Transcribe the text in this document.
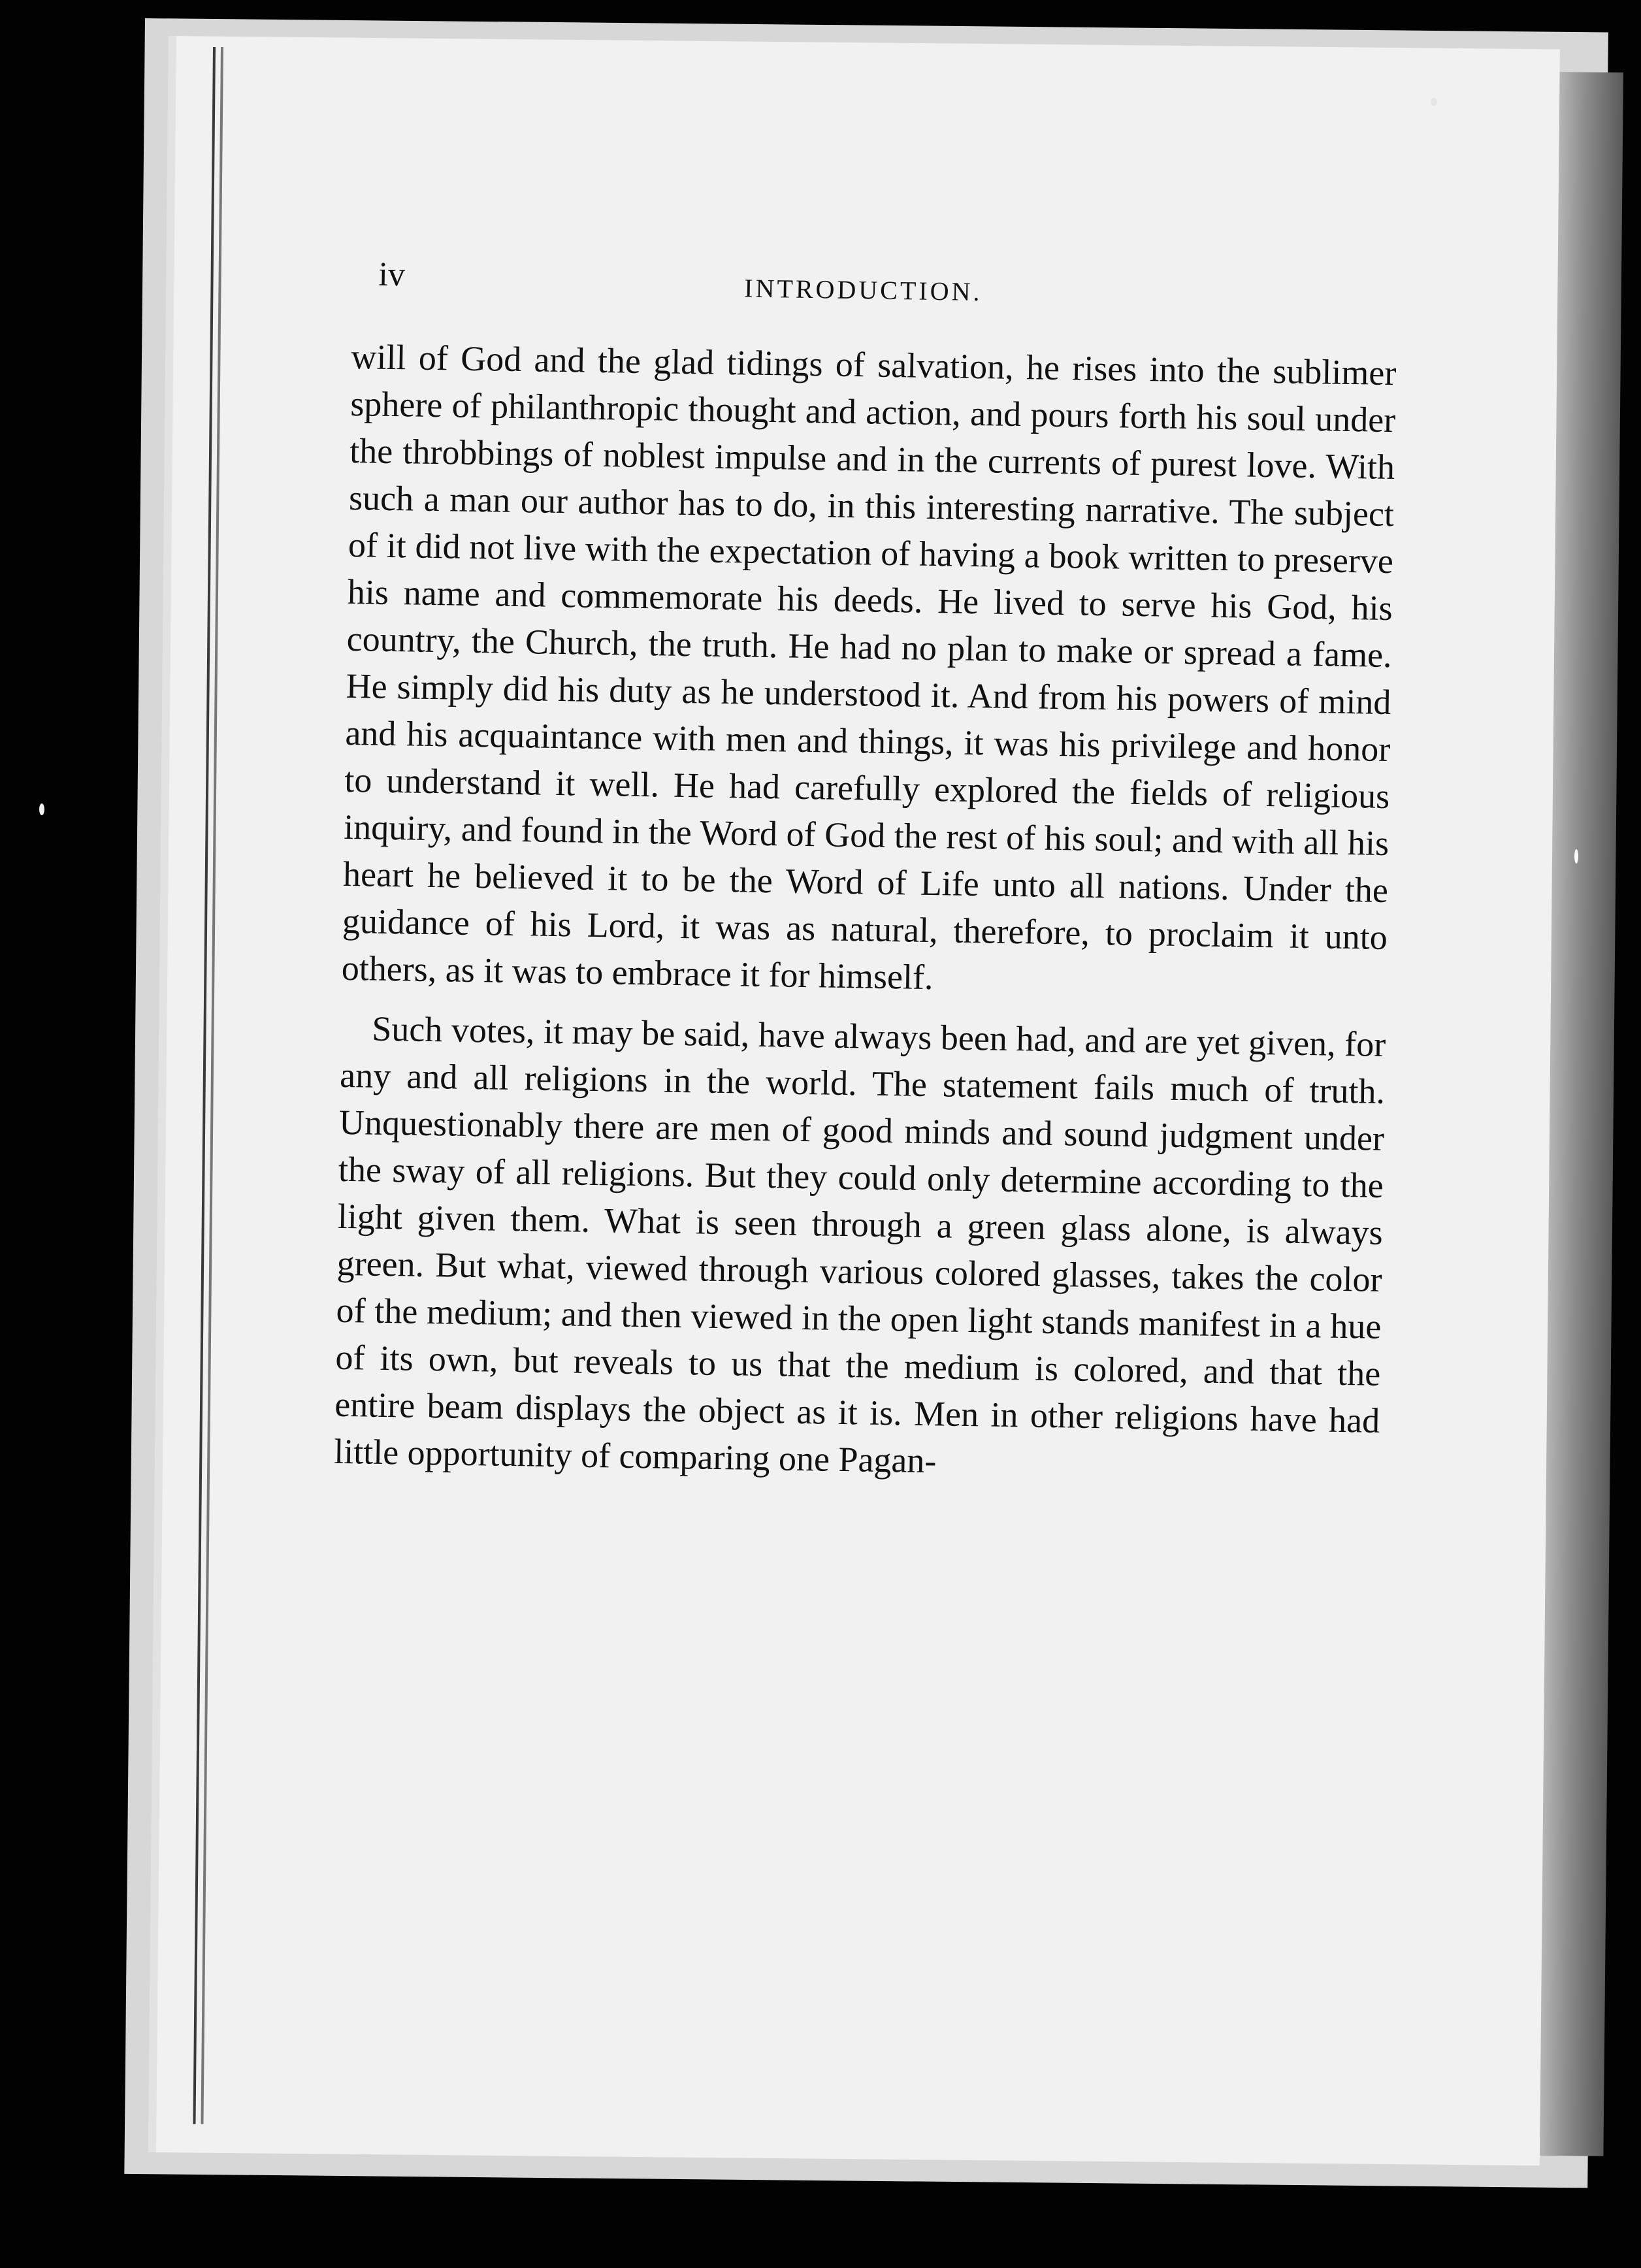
iv	INTRODUCTION.

will of God and the glad tidings of salvation, he rises into the sublimer sphere of philanthropic thought and action, and pours forth his soul under the throbbings of noblest impulse and in the currents of purest love. With such a man our author has to do, in this interesting narrative. The subject of it did not live with the expectation of having a book written to preserve his name and commemorate his deeds. He lived to serve his God, his country, the Church, the truth. He had no plan to make or spread a fame. He simply did his duty as he understood it. And from his powers of mind and his acquaintance with men and things, it was his privilege and honor to understand it well. He had carefully explored the fields of religious inquiry, and found in the Word of God the rest of his soul; and with all his heart he believed it to be the Word of Life unto all nations. Under the guidance of his Lord, it was as natural, therefore, to proclaim it unto others, as it was to embrace it for himself.

Such votes, it may be said, have always been had, and are yet given, for any and all religions in the world. The statement fails much of truth. Unquestionably there are men of good minds and sound judgment under the sway of all religions. But they could only determine according to the light given them. What is seen through a green glass alone, is always green. But what, viewed through various colored glasses, takes the color of the medium; and then viewed in the open light stands manifest in a hue of its own, but reveals to us that the medium is colored, and that the entire beam displays the object as it is. Men in other religions have had little opportunity of comparing one Pagan-
